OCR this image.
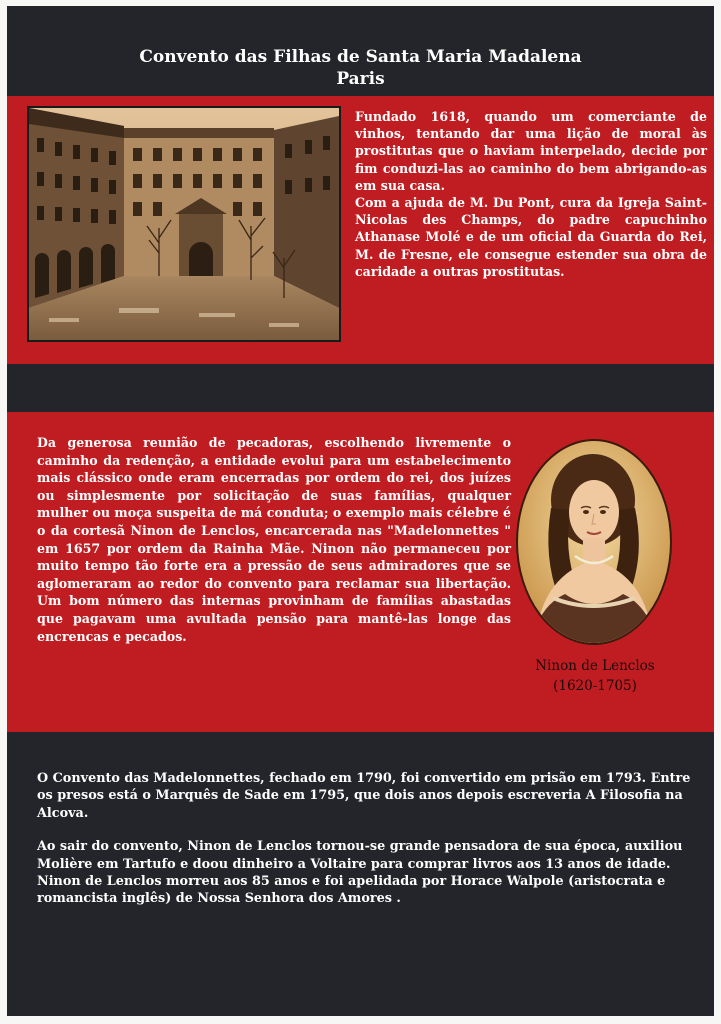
Convento das Filhas de Santa Maria Madalena
Paris

Fundado 1618, quando um comerciante de vinhos, tentando dar uma lição de moral às prostitutas que o haviam interpelado, decide por fim conduzi-las ao caminho do bem abrigando-as em sua casa.

Com a ajuda de M. Du Pont, cura da Igreja Saint-Nicolas des Champs, do padre capuchinho Athanase Molé e de um oficial da Guarda do Rei, M. de Fresne, ele consegue estender sua obra de caridade a outras prostitutas.

Da generosa reunião de pecadoras, escolhendo livremente o caminho da redenção, a entidade evolui para um estabelecimento mais clássico onde eram encerradas por ordem do rei, dos juízes ou simplesmente por solicitação de suas famílias, qualquer mulher ou moça suspeita de má conduta; o exemplo mais célebre é o da cortesã Ninon de Lenclos, encarcerada nas "Madelonnettes " em 1657 por ordem da Rainha Mãe. Ninon não permaneceu por muito tempo tão forte era a pressão de seus admiradores que se aglomeraram ao redor do convento para reclamar sua libertação. Um bom número das internas provinham de famílias abastadas que pagavam uma avultada pensão para mantê-las longe das encrencas e pecados.

Ninon de Lenclos
(1620-1705)

O Convento das Madelonnettes, fechado em 1790, foi convertido em prisão em 1793. Entre os presos está o Marquês de Sade em 1795, que dois anos depois escreveria A Filosofia na Alcova.

Ao sair do convento, Ninon de Lenclos tornou-se grande pensadora de sua época, auxiliou Molière em Tartufo e doou dinheiro a Voltaire para comprar livros aos 13 anos de idade.

Ninon de Lenclos morreu aos 85 anos e foi apelidada por Horace Walpole (aristocrata e romancista inglês) de Nossa Senhora dos Amores .
